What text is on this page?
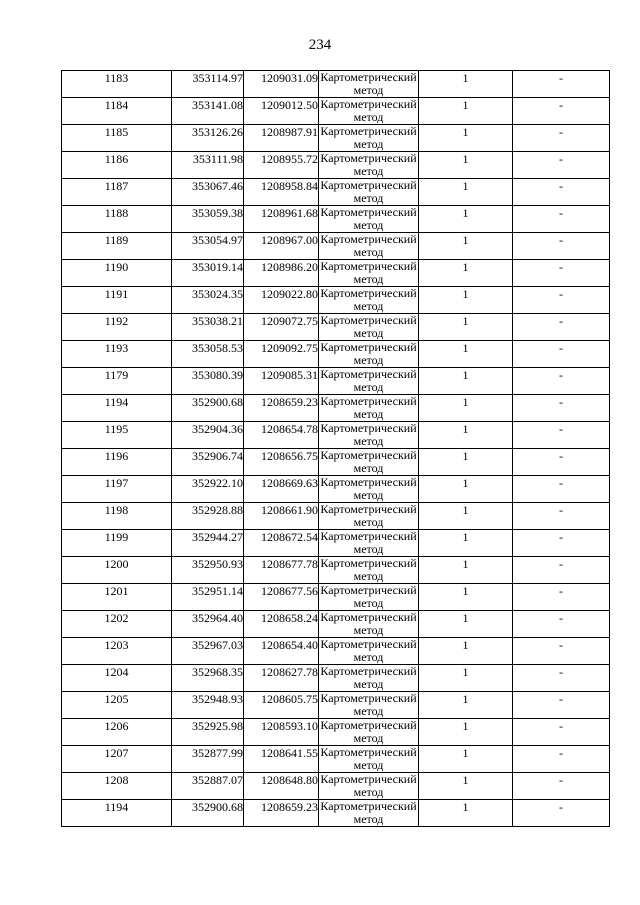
234
1183	353114.97	1209031.09	Картометрический метод	1	-
1184	353141.08	1209012.50	Картометрический метод	1	-
1185	353126.26	1208987.91	Картометрический метод	1	-
1186	353111.98	1208955.72	Картометрический метод	1	-
1187	353067.46	1208958.84	Картометрический метод	1	-
1188	353059.38	1208961.68	Картометрический метод	1	-
1189	353054.97	1208967.00	Картометрический метод	1	-
1190	353019.14	1208986.20	Картометрический метод	1	-
1191	353024.35	1209022.80	Картометрический метод	1	-
1192	353038.21	1209072.75	Картометрический метод	1	-
1193	353058.53	1209092.75	Картометрический метод	1	-
1179	353080.39	1209085.31	Картометрический метод	1	-
1194	352900.68	1208659.23	Картометрический метод	1	-
1195	352904.36	1208654.78	Картометрический метод	1	-
1196	352906.74	1208656.75	Картометрический метод	1	-
1197	352922.10	1208669.63	Картометрический метод	1	-
1198	352928.88	1208661.90	Картометрический метод	1	-
1199	352944.27	1208672.54	Картометрический метод	1	-
1200	352950.93	1208677.78	Картометрический метод	1	-
1201	352951.14	1208677.56	Картометрический метод	1	-
1202	352964.40	1208658.24	Картометрический метод	1	-
1203	352967.03	1208654.40	Картометрический метод	1	-
1204	352968.35	1208627.78	Картометрический метод	1	-
1205	352948.93	1208605.75	Картометрический метод	1	-
1206	352925.98	1208593.10	Картометрический метод	1	-
1207	352877.99	1208641.55	Картометрический метод	1	-
1208	352887.07	1208648.80	Картометрический метод	1	-
1194	352900.68	1208659.23	Картометрический метод	1	-
